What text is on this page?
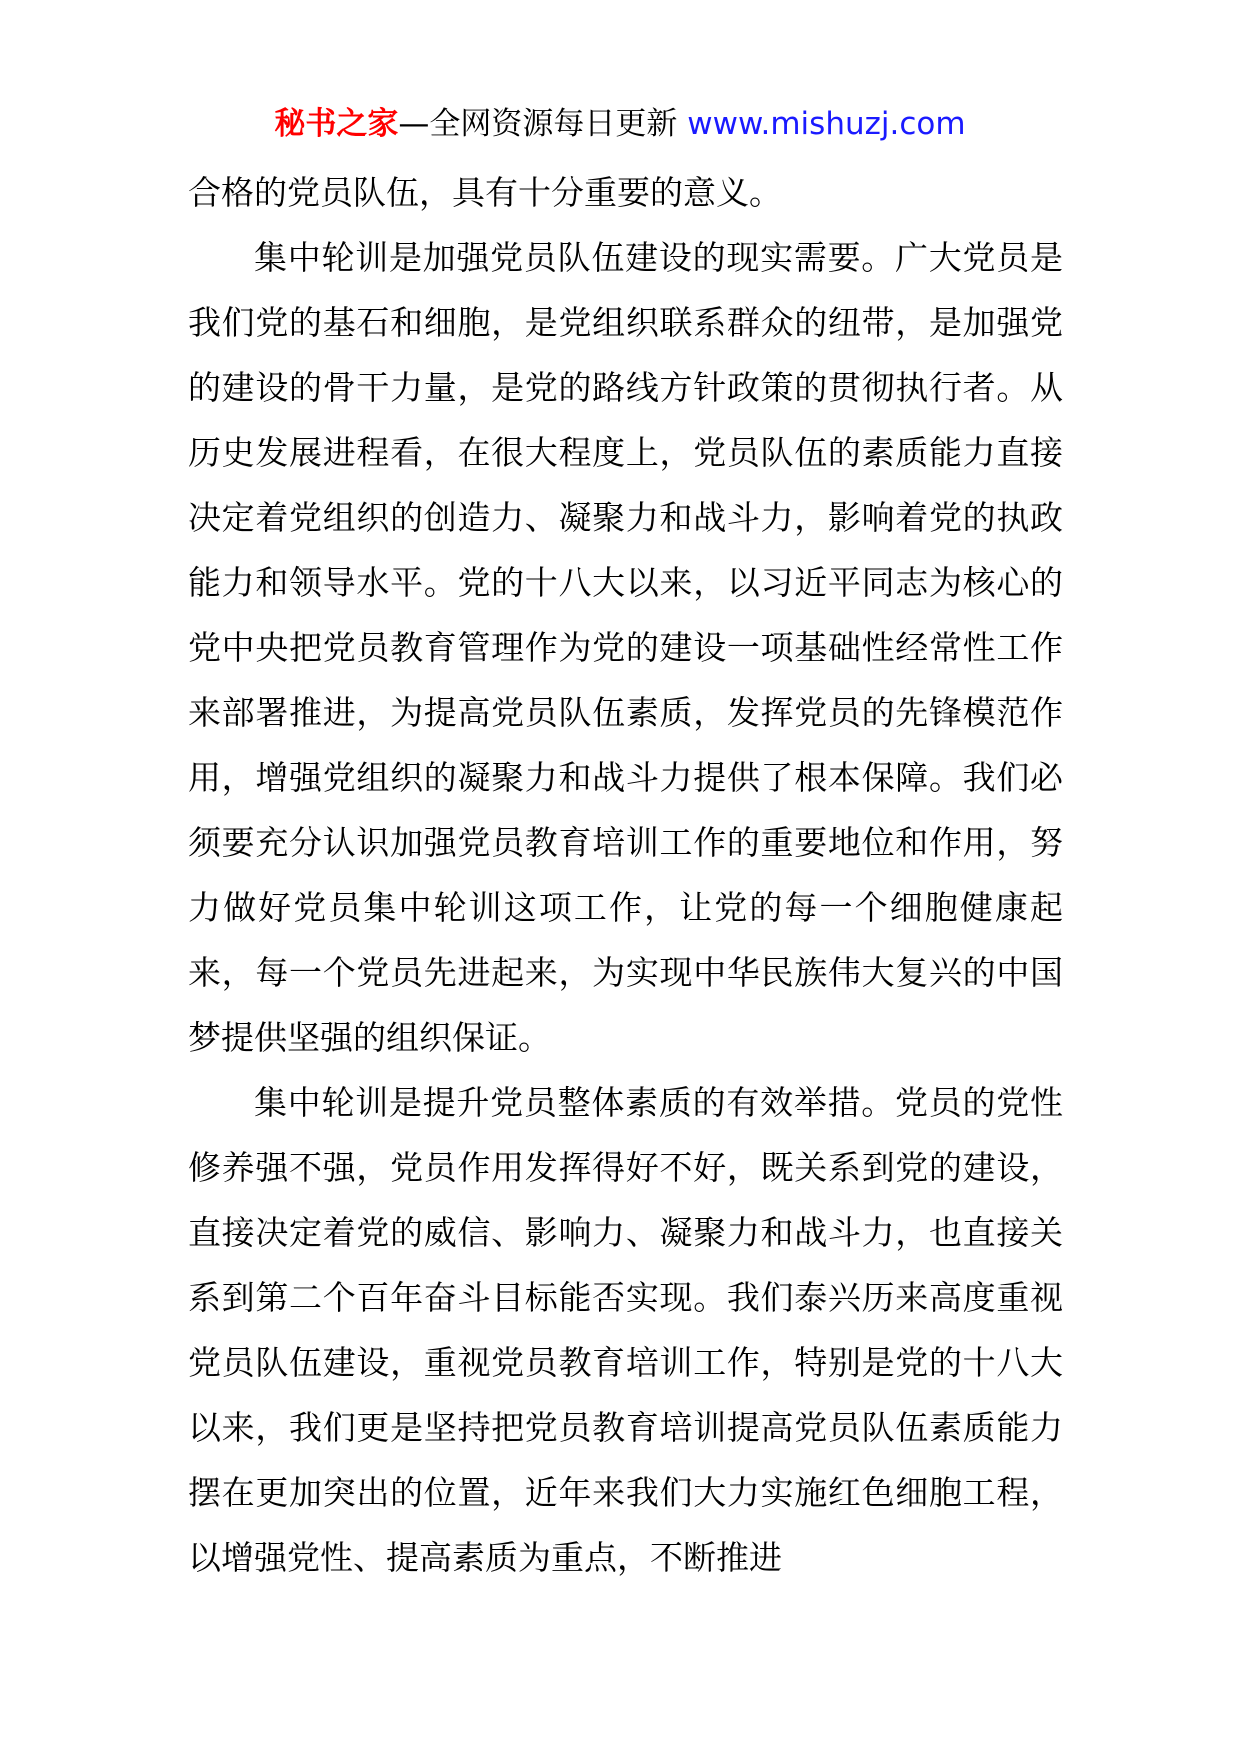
秘书之家—全网资源每日更新 www.mishuzj.com

合格的党员队伍，具有十分重要的意义。

集中轮训是加强党员队伍建设的现实需要。广大党员是我们党的基石和细胞，是党组织联系群众的纽带，是加强党的建设的骨干力量，是党的路线方针政策的贯彻执行者。从历史发展进程看，在很大程度上，党员队伍的素质能力直接决定着党组织的创造力、凝聚力和战斗力，影响着党的执政能力和领导水平。党的十八大以来，以习近平同志为核心的党中央把党员教育管理作为党的建设一项基础性经常性工作来部署推进，为提高党员队伍素质，发挥党员的先锋模范作用，增强党组织的凝聚力和战斗力提供了根本保障。我们必须要充分认识加强党员教育培训工作的重要地位和作用，努力做好党员集中轮训这项工作，让党的每一个细胞健康起来，每一个党员先进起来，为实现中华民族伟大复兴的中国梦提供坚强的组织保证。

集中轮训是提升党员整体素质的有效举措。党员的党性修养强不强，党员作用发挥得好不好，既关系到党的建设，直接决定着党的威信、影响力、凝聚力和战斗力，也直接关系到第二个百年奋斗目标能否实现。我们泰兴历来高度重视党员队伍建设，重视党员教育培训工作，特别是党的十八大以来，我们更是坚持把党员教育培训提高党员队伍素质能力摆在更加突出的位置，近年来我们大力实施红色细胞工程，以增强党性、提高素质为重点，不断推进
